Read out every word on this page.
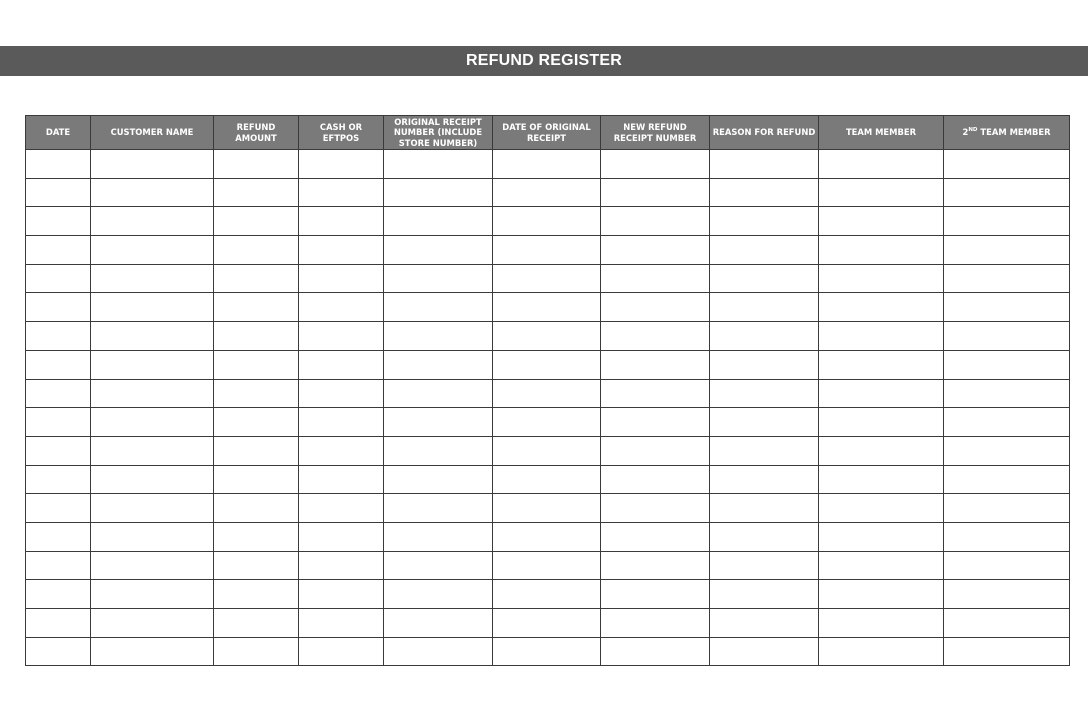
REFUND REGISTER
DATE	CUSTOMER NAME	REFUND AMOUNT	CASH OR EFTPOS	ORIGINAL RECEIPT NUMBER (INCLUDE STORE NUMBER)	DATE OF ORIGINAL RECEIPT	NEW REFUND RECEIPT NUMBER	REASON FOR REFUND	TEAM MEMBER	2ND TEAM MEMBER
